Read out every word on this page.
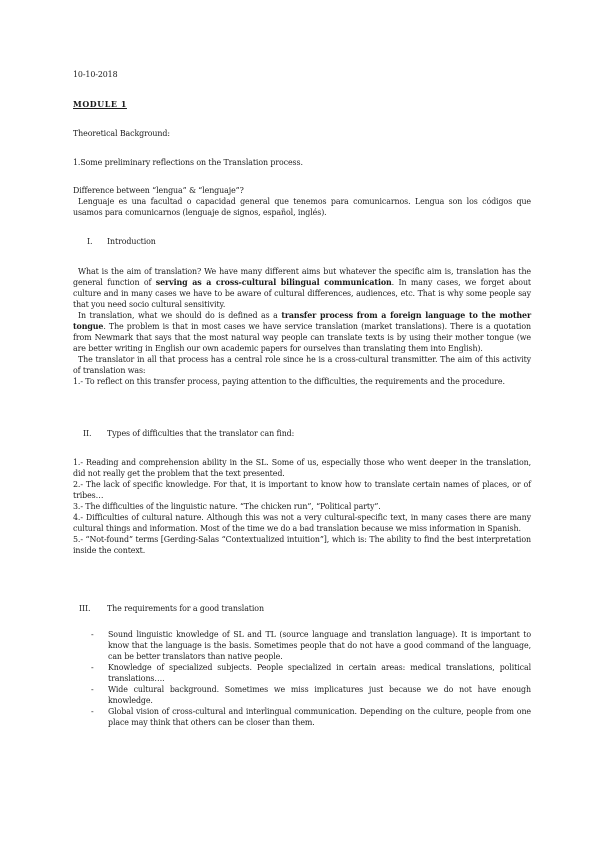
10-10-2018
MODULE 1
Theoretical Background:
1.Some preliminary reflections on the Translation process.

Difference between “lengua” & “lenguaje”?

Lenguaje es una facultad o capacidad general que tenemos para comunicarnos. Lengua son los códigos que usamos para comunicarnos (lenguaje de signos, español, inglés).

I.	Introduction

What is the aim of translation? We have many different aims but whatever the specific aim is, translation has the general function of serving as a cross-cultural bilingual communication. In many cases, we forget about culture and in many cases we have to be aware of cultural differences, audiences, etc. That is why some people say that you need socio cultural sensitivity.

In translation, what we should do is defined as a transfer process from a foreign language to the mother tongue. The problem is that in most cases we have service translation (market translations). There is a quotation from Newmark that says that the most natural way people can translate texts is by using their mother tongue (we are better writing in English our own academic papers for ourselves than translating them into English).

The translator in all that process has a central role since he is a cross-cultural transmitter. The aim of this activity of translation was:

1.- To reflect on this transfer process, paying attention to the difficulties, the requirements and the procedure.

II.	Types of difficulties that the translator can find:

1.- Reading and comprehension ability in the SL. Some of us, especially those who went deeper in the translation, did not really get the problem that the text presented.

2.- The lack of specific knowledge. For that, it is important to know how to translate certain names of places, or of tribes…

3.- The difficulties of the linguistic nature. “The chicken run”, “Political party”.

4.- Difficulties of cultural nature. Although this was not a very cultural-specific text, in many cases there are many cultural things and information. Most of the time we do a bad translation because we miss information in Spanish.

5.- “Not-found” terms [Gerding-Salas “Contextualized intuition”], which is: The ability to find the best interpretation inside the context.

III.	The requirements for a good translation
- Sound linguistic knowledge of SL and TL (source language and translation language). It is important to know that the language is the basis. Sometimes people that do not have a good command of the language, can be better translators than native people.
- Knowledge of specialized subjects. People specialized in certain areas: medical translations, political translations….
- Wide cultural background. Sometimes we miss implicatures just because we do not have enough knowledge.
- Global vision of cross-cultural and interlingual communication. Depending on the culture, people from one place may think that others can be closer than them.
